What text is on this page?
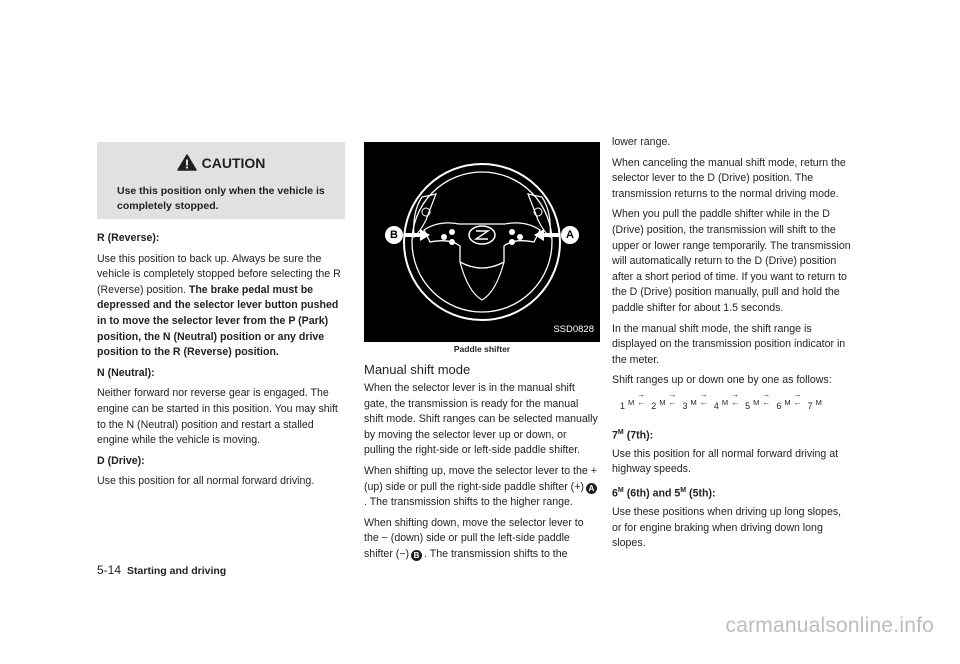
CAUTION
Use this position only when the vehicle is completely stopped.

R (Reverse):

Use this position to back up. Always be sure the vehicle is completely stopped before selecting the R (Reverse) position. The brake pedal must be depressed and the selector lever button pushed in to move the selector lever from the P (Park) position, the N (Neutral) position or any drive position to the R (Reverse) position.

N (Neutral):

Neither forward nor reverse gear is engaged. The engine can be started in this position. You may shift to the N (Neutral) position and restart a stalled engine while the vehicle is moving.

D (Drive):

Use this position for all normal forward driving.

B	A
SSD0828
Paddle shifter
Manual shift mode

When the selector lever is in the manual shift gate, the transmission is ready for the manual shift mode. Shift ranges can be selected manually by moving the selector lever up or down, or pulling the right-side or left-side paddle shifter.

When shifting up, move the selector lever to the + (up) side or pull the right-side paddle shifter (+) A. The transmission shifts to the higher range.

When shifting down, move the selector lever to the − (down) side or pull the left-side paddle shifter (−) B . The transmission shifts to the

lower range.

When canceling the manual shift mode, return the selector lever to the D (Drive) position. The transmission returns to the normal driving mode.

When you pull the paddle shifter while in the D (Drive) position, the transmission will shift to the upper or lower range temporarily. The transmission will automatically return to the D (Drive) position after a short period of time. If you want to return to the D (Drive) position manually, pull and hold the paddle shifter for about 1.5 seconds.

In the manual shift mode, the shift range is displayed on the transmission position indicator in the meter.

Shift ranges up or down one by one as follows:

1 $^M$
→
← 2 $^M$
→
← 3 $^M$
→
← 4 $^M$
→
← 5 $^M$
→
← 6 $^M$
→
← 7 $^M$
$7^M$ (7th):

Use this position for all normal forward driving at highway speeds.

$6^M$ (6th) and $5^M$ (5th):

Use these positions when driving up long slopes, or for engine braking when driving down long slopes.

5-14 Starting and driving
carmanualsonline.info
